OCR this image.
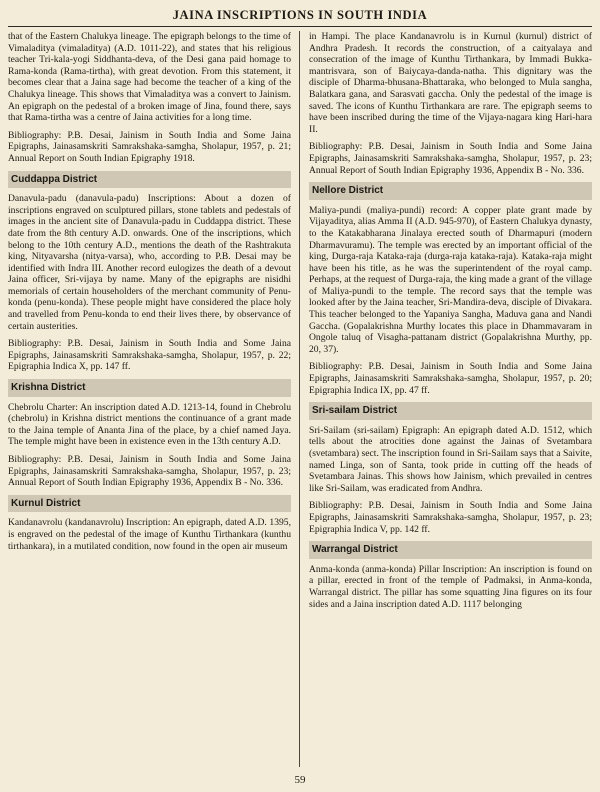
JAINA INSCRIPTIONS IN SOUTH INDIA

that of the Eastern Chalukya lineage. The epigraph belongs to the time of Vimaladitya (vimaladitya) (A.D. 1011-22), and states that his religious teacher Tri-kala-yogi Siddhanta-deva, of the Desi gana paid homage to Rama-konda (Rama-tirtha), with great devotion. From this statement, it becomes clear that a Jaina sage had become the teacher of a king of the Chalukya lineage. This shows that Vimaladitya was a convert to Jainism. An epigraph on the pedestal of a broken image of Jina, found there, says that Rama-tirtha was a centre of Jaina activities for a long time.

Bibliography: P.B. Desai, Jainism in South India and Some Jaina Epigraphs, Jainasamskriti Samrakshaka-samgha, Sholapur, 1957, p. 21; Annual Report on South Indian Epigraphy 1918.

Cuddappa District

Danavula-padu (danavula-padu) Inscriptions: About a dozen of inscriptions engraved on sculptured pillars, stone tablets and pedestals of images in the ancient site of Danavula-padu in Cuddappa district. These date from the 8th century A.D. onwards. One of the inscriptions, which belong to the 10th century A.D., mentions the death of the Rashtrakuta king, Nityavarsha (nitya-varsa), who, according to P.B. Desai may be identified with Indra III. Another record eulogizes the death of a devout Jaina officer, Sri-vijaya by name. Many of the epigraphs are nisidhi memorials of certain householders of the merchant community of Penu-konda (penu-konda). These people might have considered the place holy and travelled from Penu-konda to end their lives there, by observance of certain austerities.

Bibliography: P.B. Desai, Jainism in South India and Some Jaina Epigraphs, Jainasamskriti Samrakshaka-samgha, Sholapur, 1957, p. 22; Epigraphia Indica X, pp. 147 ff.

Krishna District

Chebrolu Charter: An inscription dated A.D. 1213-14, found in Chebrolu (chebrolu) in Krishna district mentions the continuance of a grant made to the Jaina temple of Ananta Jina of the place, by a chief named Jaya. The temple might have been in existence even in the 13th century A.D.

Bibliography: P.B. Desai, Jainism in South India and Some Jaina Epigraphs, Jainasamskriti Samrakshaka-samgha, Sholapur, 1957, p. 23; Annual Report of South Indian Epigraphy 1936, Appendix B - No. 336.

Kurnul District

Kandanavrolu (kandanavrolu) Inscription: An epigraph, dated A.D. 1395, is engraved on the pedestal of the image of Kunthu Tirthankara (kunthu tirthankara), in a mutilated condition, now found in the open air museum

in Hampi. The place Kandanavrolu is in Kurnul (kurnul) district of Andhra Pradesh. It records the construction, of a caityalaya and consecration of the image of Kunthu Tirthankara, by Immadi Bukka-mantrisvara, son of Baiycaya-danda-natha. This dignitary was the disciple of Dharma-bhusana-Bhattaraka, who belonged to Mula sangha, Balatkara gana, and Sarasvati gaccha. Only the pedestal of the image is saved. The icons of Kunthu Tirthankara are rare. The epigraph seems to have been inscribed during the time of the Vijaya-nagara king Hari-hara II.

Bibliography: P.B. Desai, Jainism in South India and Some Jaina Epigraphs, Jainasamskriti Samrakshaka-samgha, Sholapur, 1957, p. 23; Annual Report of South Indian Epigraphy 1936, Appendix B - No. 336.

Nellore District

Maliya-pundi (maliya-pundi) record: A copper plate grant made by Vijayaditya, alias Amma II (A.D. 945-970), of Eastern Chalukya dynasty, to the Katakabharana Jinalaya erected south of Dharmapuri (modern Dharmavuramu). The temple was erected by an important official of the king, Durga-raja Kataka-raja (durga-raja kataka-raja). Kataka-raja might have been his title, as he was the superintendent of the royal camp. Perhaps, at the request of Durga-raja, the king made a grant of the village of Maliya-pundi to the temple. The record says that the temple was looked after by the Jaina teacher, Sri-Mandira-deva, disciple of Divakara. This teacher belonged to the Yapaniya Sangha, Maduva gana and Nandi Gaccha. (Gopalakrishna Murthy locates this place in Dhammavaram in Ongole taluq of Visagha-pattanam district (Gopalakrishna Murthy, pp. 20, 37).

Bibliography: P.B. Desai, Jainism in South India and Some Jaina Epigraphs, Jainasamskriti Samrakshaka-samgha, Sholapur, 1957, p. 20; Epigraphia Indica IX, pp. 47 ff.

Sri-sailam District

Sri-Sailam (sri-sailam) Epigraph: An epigraph dated A.D. 1512, which tells about the atrocities done against the Jainas of Svetambara (svetambara) sect. The inscription found in Sri-Sailam says that a Saivite, named Linga, son of Santa, took pride in cutting off the heads of Svetambara Jainas. This shows how Jainism, which prevailed in centres like Sri-Sailam, was eradicated from Andhra.

Bibliography: P.B. Desai, Jainism in South India and Some Jaina Epigraphs, Jainasamskriti Samrakshaka-samgha, Sholapur, 1957, p. 23; Epigraphia Indica V, pp. 142 ff.

Warrangal District

Anma-konda (anma-konda) Pillar Inscription: An inscription is found on a pillar, erected in front of the temple of Padmaksi, in Anma-konda, Warrangal district. The pillar has some squatting Jina figures on its four sides and a Jaina inscription dated A.D. 1117 belonging

59
